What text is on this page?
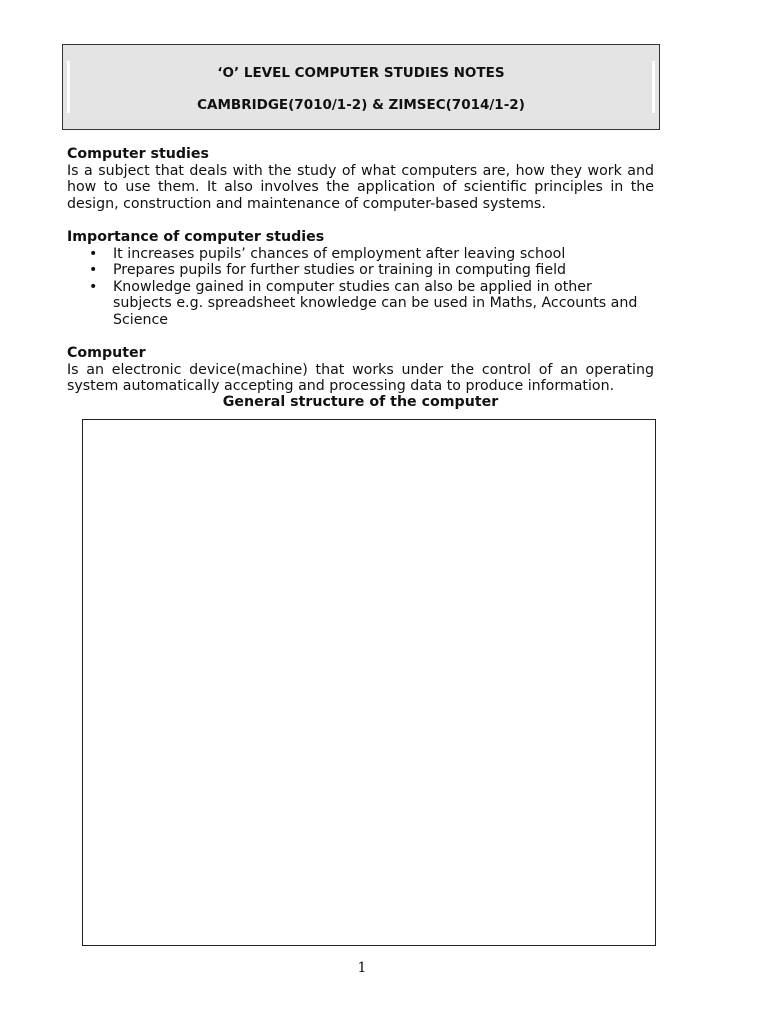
‘O’ LEVEL COMPUTER STUDIES NOTES
CAMBRIDGE(7010/1-2) & ZIMSEC(7014/1-2)
Computer studies

Is a subject that deals with the study of what computers are, how they work and how to use them. It also involves the application of scientific principles in the design, construction and maintenance of computer-based systems.

Importance of computer studies
• It increases pupils’ chances of employment after leaving school
• Prepares pupils for further studies or training in computing field
• Knowledge gained in computer studies can also be applied in other subjects e.g. spreadsheet knowledge can be used in Maths, Accounts and Science
Computer

Is an electronic device(machine) that works under the control of an operating system automatically accepting and processing data to produce information.

General structure of the computer
1
